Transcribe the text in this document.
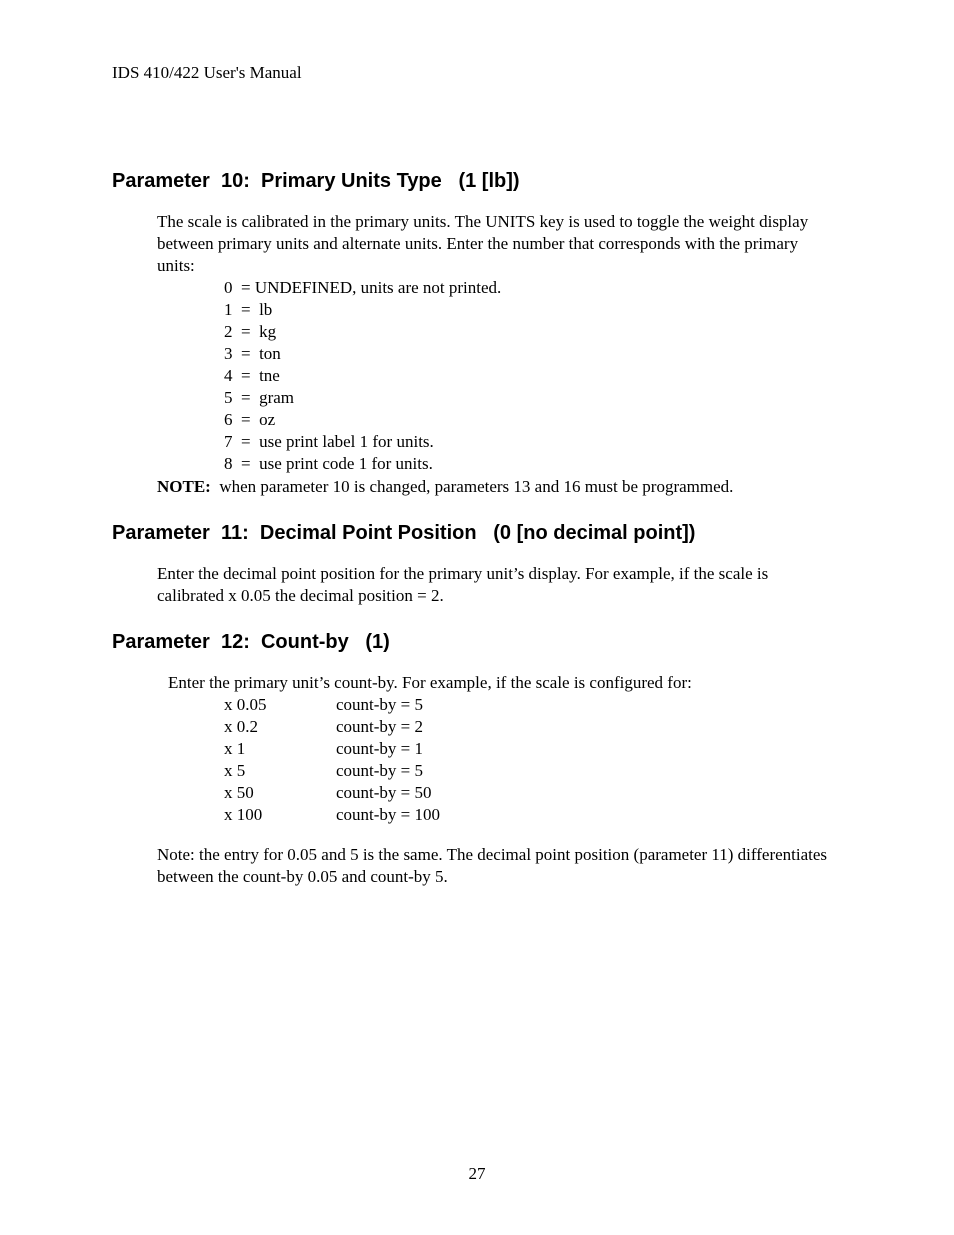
IDS 410/422 User's Manual
Parameter  10:  Primary Units Type   (1 [lb])
The scale is calibrated in the primary units. The UNITS key is used to toggle the weight display between primary units and alternate units. Enter the number that corresponds with the primary units:
0  = UNDEFINED, units are not printed.
1  =  lb
2  =  kg
3  =  ton
4  =  tne
5  =  gram
6  =  oz
7  =  use print label 1 for units.
8  =  use print code 1 for units.
NOTE:  when parameter 10 is changed, parameters 13 and 16 must be programmed.
Parameter  11:  Decimal Point Position   (0 [no decimal point])
Enter the decimal point position for the primary unit’s display. For example, if the scale is calibrated x 0.05 the decimal position = 2.
Parameter  12:  Count-by   (1)
Enter the primary unit’s count-by. For example, if the scale is configured for:
x 0.05	count-by = 5
x 0.2	count-by = 2
x 1	count-by = 1
x 5	count-by = 5
x 50	count-by = 50
x 100	count-by = 100
Note: the entry for 0.05 and 5 is the same. The decimal point position (parameter 11) differentiates between the count-by 0.05 and count-by 5.
27
